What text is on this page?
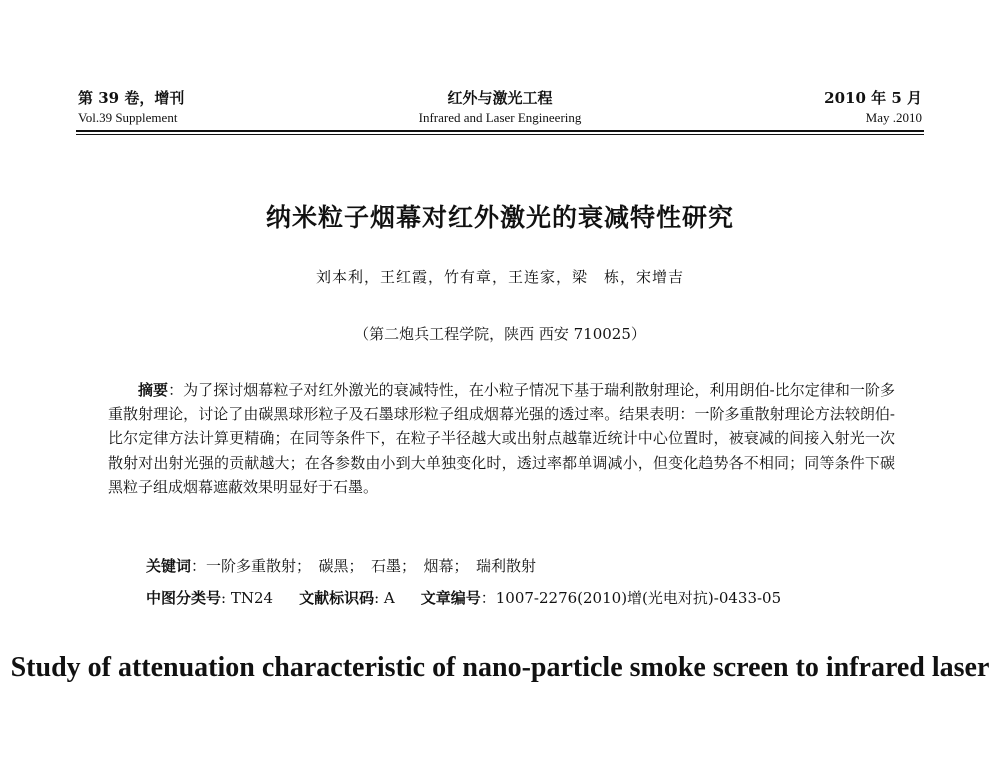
第 39 卷，增刊
Vol.39 Supplement
红外与激光工程
Infrared and Laser Engineering
2010 年 5 月
May .2010
纳米粒子烟幕对红外激光的衰减特性研究
刘本利，王红霞，竹有章，王连家，梁　栋，宋增吉
（第二炮兵工程学院，陕西 西安 710025）
摘要：为了探讨烟幕粒子对红外激光的衰减特性，在小粒子情况下基于瑞利散射理论，利用朗伯-比尔定律和一阶多重散射理论，讨论了由碳黑球形粒子及石墨球形粒子组成烟幕光强的透过率。结果表明：一阶多重散射理论方法较朗伯-比尔定律方法计算更精确；在同等条件下，在粒子半径越大或出射点越靠近统计中心位置时，被衰减的间接入射光一次散射对出射光强的贡献越大；在各参数由小到大单独变化时，透过率都单调减小，但变化趋势各不相同；同等条件下碳黑粒子组成烟幕遮蔽效果明显好于石墨。
关键词：一阶多重散射；　碳黑；　石墨；　烟幕；　瑞利散射
中图分类号: TN24 文献标识码: A 文章编号：1007-2276(2010)增(光电对抗)-0433-05
Study of attenuation characteristic of nano-particle smoke screen to infrared laser
